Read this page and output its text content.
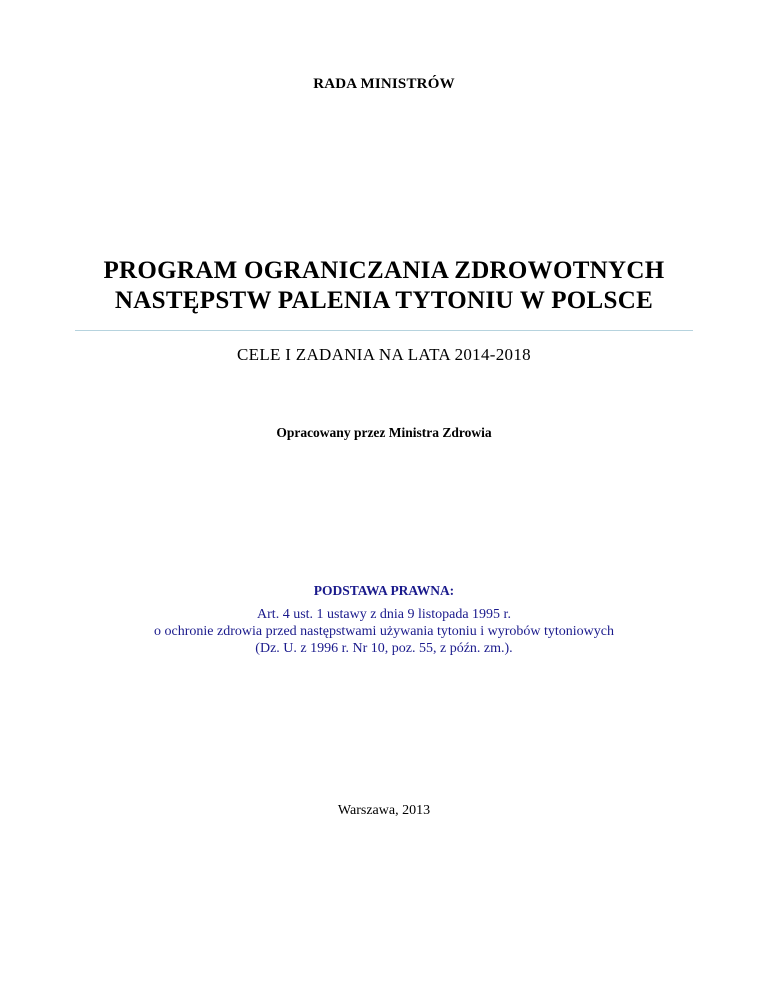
RADA MINISTRÓW
PROGRAM OGRANICZANIA ZDROWOTNYCH
NASTĘPSTW PALENIA TYTONIU W POLSCE
CELE I ZADANIA NA LATA 2014-2018
Opracowany przez Ministra Zdrowia
PODSTAWA PRAWNA:
Art. 4 ust. 1 ustawy z dnia 9 listopada 1995 r.
o ochronie zdrowia przed następstwami używania tytoniu i wyrobów tytoniowych
(Dz. U. z 1996 r. Nr 10, poz. 55, z późn. zm.).
Warszawa, 2013
